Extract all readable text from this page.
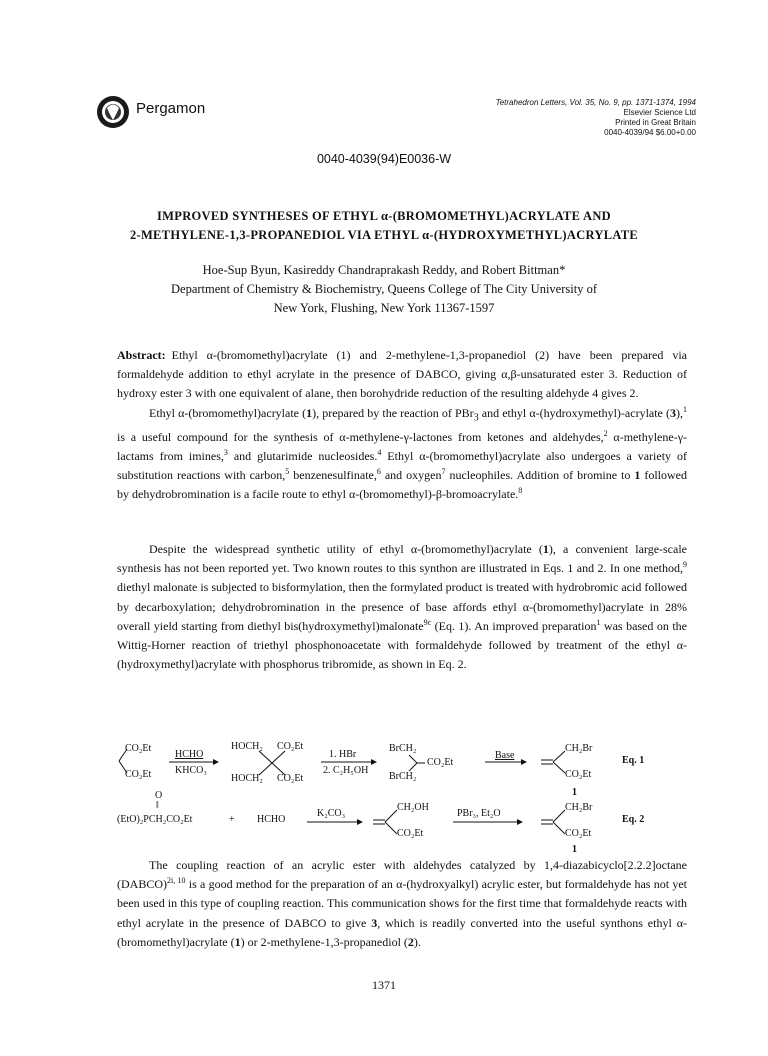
Pergamon	Tetrahedron Letters, Vol. 35, No. 9, pp. 1371-1374, 1994
Elsevier Science Ltd
Printed in Great Britain
0040-4039/94 $6.00+0.00
0040-4039(94)E0036-W
IMPROVED SYNTHESES OF ETHYL α-(BROMOMETHYL)ACRYLATE AND
2-METHYLENE-1,3-PROPANEDIOL VIA ETHYL α-(HYDROXYMETHYL)ACRYLATE
Hoe-Sup Byun, Kasireddy Chandraprakash Reddy, and Robert Bittman*
Department of Chemistry & Biochemistry, Queens College of The City University of
New York, Flushing, New York 11367-1597
Abstract: Ethyl α-(bromomethyl)acrylate (1) and 2-methylene-1,3-propanediol (2) have been prepared via formaldehyde addition to ethyl acrylate in the presence of DABCO, giving α,β-unsaturated ester 3. Reduction of hydroxy ester 3 with one equivalent of alane, then borohydride reduction of the resulting aldehyde 4 gives 2.

Ethyl α-(bromomethyl)acrylate (1), prepared by the reaction of PBr$_3$ and ethyl α-(hydroxymethyl)-acrylate (3),$^1$ is a useful compound for the synthesis of α-methylene-γ-lactones from ketones and aldehydes,$^2$ α-methylene-γ-lactams from imines,$^3$ and glutarimide nucleosides.$^4$ Ethyl α-(bromomethyl)acrylate also undergoes a variety of substitution reactions with carbon,$^5$ benzenesulfinate,$^6$ and oxygen$^7$ nucleophiles. Addition of bromine to 1 followed by dehydrobromination is a facile route to ethyl α-(bromomethyl)-β-bromoacrylate.$^8$

Despite the widespread synthetic utility of ethyl α-(bromomethyl)acrylate (1), a convenient large-scale synthesis has not been reported yet. Two known routes to this synthon are illustrated in Eqs. 1 and 2. In one method,$^9$ diethyl malonate is subjected to bisformylation, then the formylated product is treated with hydrobromic acid followed by decarboxylation; dehydrobromination in the presence of base affords ethyl α-(bromomethyl)acrylate in 28% overall yield starting from diethyl bis(hydroxymethyl)malonate$^{9c}$ (Eq. 1). An improved preparation$^1$ was based on the Wittig-Horner reaction of triethyl phosphonoacetate with formaldehyde followed by treatment of the ethyl α-(hydroxymethyl)acrylate with phosphorus tribromide, as shown in Eq. 2.

CO₂Et
CO₂Et
HCHO
KHCO₃
HOCH₂ CO₂Et
HOCH₂ CO₂Et
1. HBr
2. C₂H₅OH
BrCH₂
CO₂Et
BrCH₂
Base
CH₂Br
CO₂Et
1
Eq. 1
O
‖
(EtO)₂PCH₂CO₂Et	+ HCHO
K₂CO₃
CH₂OH
CO₂Et
PBr₃, Et₂O
CH₂Br
CO₂Et
1
Eq. 2

The coupling reaction of an acrylic ester with aldehydes catalyzed by 1,4-diazabicyclo[2.2.2]octane (DABCO)$^{2i, 10}$ is a good method for the preparation of an α-(hydroxyalkyl) acrylic ester, but formaldehyde has not yet been used in this type of coupling reaction. This communication shows for the first time that formaldehyde reacts with ethyl acrylate in the presence of DABCO to give 3, which is readily converted into the useful synthons ethyl α-(bromomethyl)acrylate (1) or 2-methylene-1,3-propanediol (2).

1371
